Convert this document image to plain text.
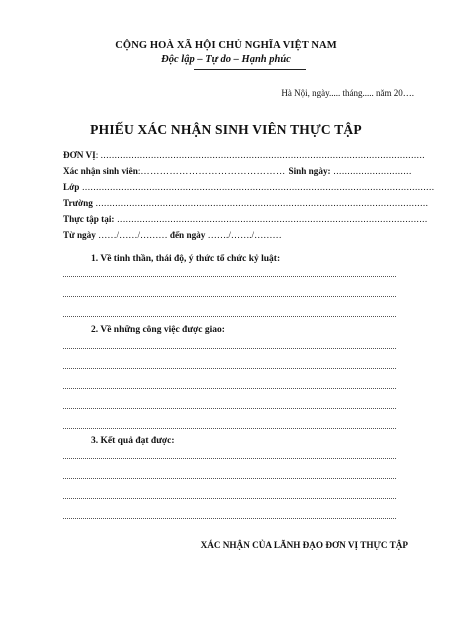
CỘNG HOÀ XÃ HỘI CHỦ NGHĨA VIỆT NAM
Độc lập – Tự do – Hạnh phúc
Hà Nội, ngày..... tháng..... năm 20….
PHIẾU XÁC NHẬN SINH VIÊN THỰC TẬP
ĐƠN VỊ: ....................................................................................................................
Xác nhận sinh viên:……………………………………… Sinh ngày: ............................
Lớp ..............................................................................................................................
Trường .......................................................................................................................
Thực tập tại: ...............................................................................................................
Từ ngày ……/……/……… đến ngày ……./……./………
1. Về tinh thần, thái độ, ý thức tổ chức kỷ luật:
2. Về những công việc được giao:
3. Kết quả đạt được:
XÁC NHẬN CỦA LÃNH ĐẠO ĐƠN VỊ THỰC TẬP
